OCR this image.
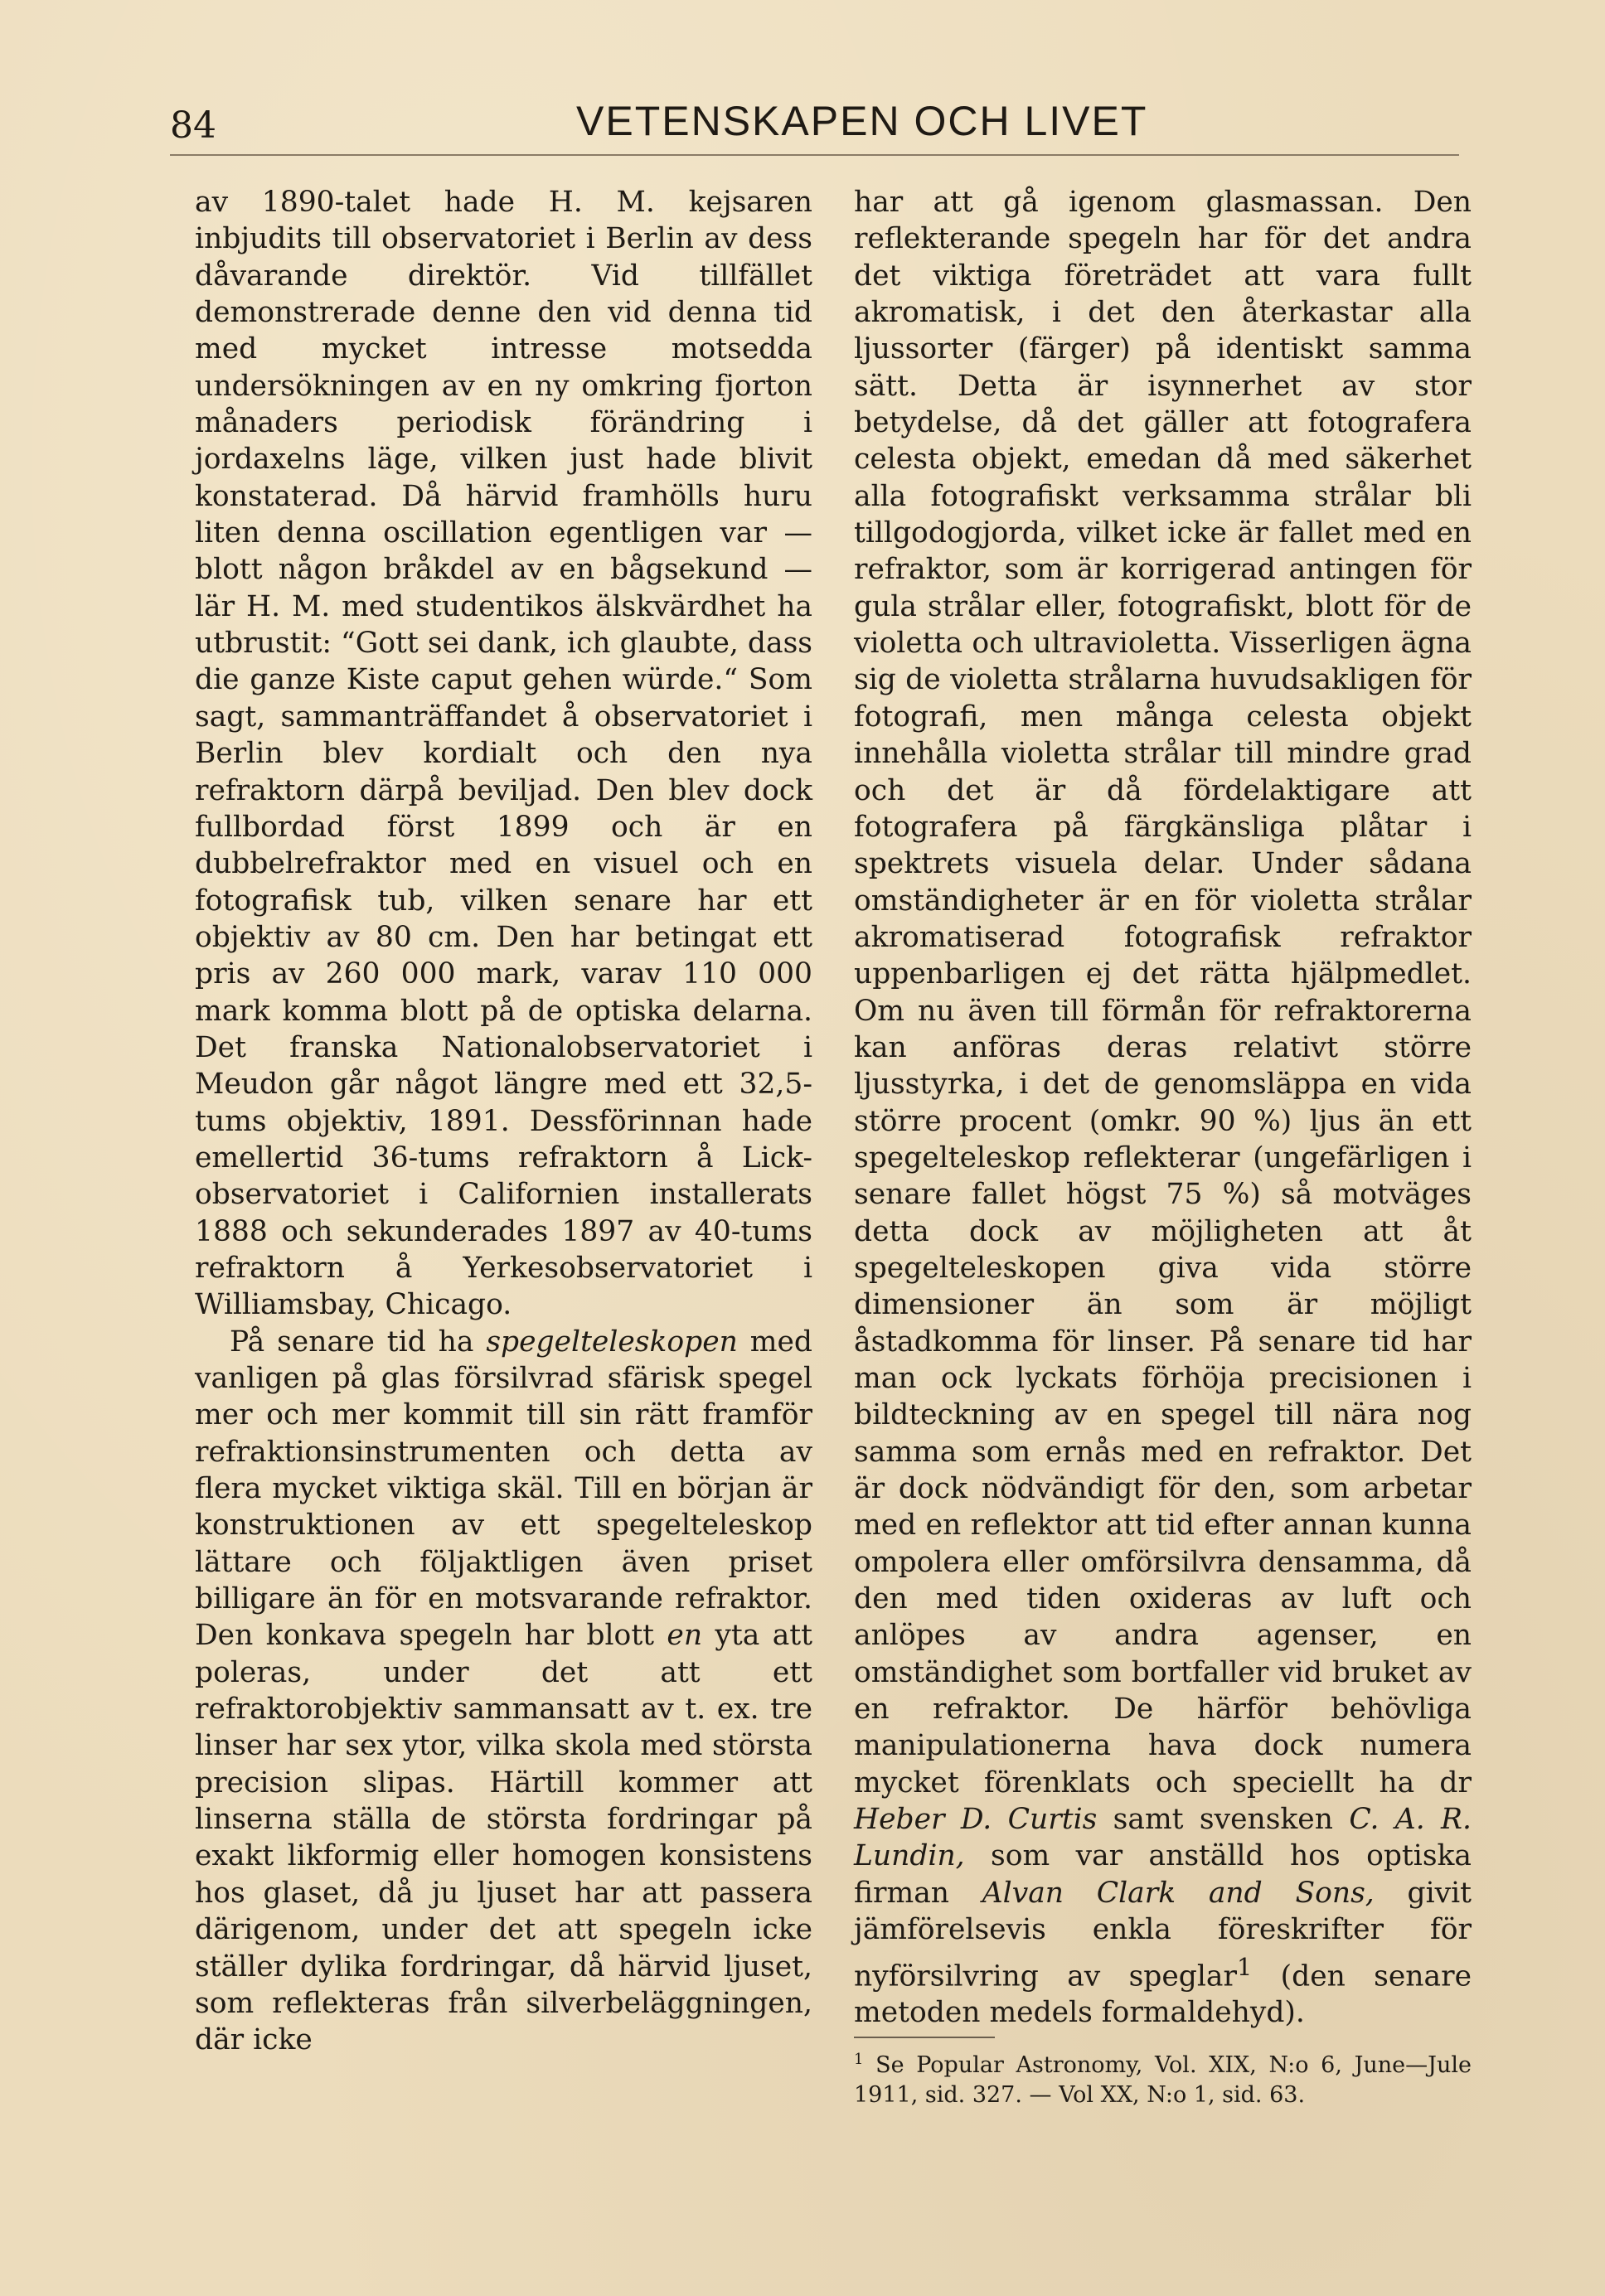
84	VETENSKAPEN OCH LIVET

av 1890-talet hade H. M. kejsaren inbjudits till observatoriet i Berlin av dess dåvarande direktör. Vid tillfället demonstrerade denne den vid denna tid med mycket intresse motsedda undersökningen av en ny omkring fjorton månaders periodisk förändring i jordaxelns läge, vilken just hade blivit konstaterad. Då härvid framhölls huru liten denna oscillation egentligen var — blott någon bråkdel av en bågsekund — lär H. M. med studentikos älskvärdhet ha utbrustit: “Gott sei dank, ich glaubte, dass die ganze Kiste caput gehen würde.“ Som sagt, sammanträffandet å observatoriet i Berlin blev kordialt och den nya refraktorn därpå beviljad. Den blev dock fullbordad först 1899 och är en dubbelrefraktor med en visuel och en fotografisk tub, vilken senare har ett objektiv av 80 cm. Den har betingat ett pris av 260 000 mark, varav 110 000 mark komma blott på de optiska delarna. Det franska Nationalobservatoriet i Meudon går något längre med ett 32,5-tums objektiv, 1891. Dessförinnan hade emellertid 36-tums refraktorn å Lick-observatoriet i Californien installerats 1888 och sekunderades 1897 av 40-tums refraktorn å Yerkesobservatoriet i Williamsbay, Chicago.

På senare tid ha spegelteleskopen med vanligen på glas försilvrad sfärisk spegel mer och mer kommit till sin rätt framför refraktionsinstrumenten och detta av flera mycket viktiga skäl. Till en början är konstruktionen av ett spegelteleskop lättare och följaktligen även priset billigare än för en motsvarande refraktor. Den konkava spegeln har blott en yta att poleras, under det att ett refraktorobjektiv sammansatt av t. ex. tre linser har sex ytor, vilka skola med största precision slipas. Härtill kommer att linserna ställa de största fordringar på exakt likformig eller homogen konsistens hos glaset, då ju ljuset har att passera därigenom, under det att spegeln icke ställer dylika fordringar, då härvid ljuset, som reflekteras från silverbeläggningen, där icke

har att gå igenom glasmassan. Den reflekterande spegeln har för det andra det viktiga företrädet att vara fullt akromatisk, i det den återkastar alla ljussorter (färger) på identiskt samma sätt. Detta är isynnerhet av stor betydelse, då det gäller att fotografera celesta objekt, emedan då med säkerhet alla fotografiskt verksamma strålar bli tillgodogjorda, vilket icke är fallet med en refraktor, som är korrigerad antingen för gula strålar eller, fotografiskt, blott för de violetta och ultravioletta. Visserligen ägna sig de violetta strålarna huvudsakligen för fotografi, men många celesta objekt innehålla violetta strålar till mindre grad och det är då fördelaktigare att fotografera på färgkänsliga plåtar i spektrets visuela delar. Under sådana omständigheter är en för violetta strålar akromatiserad fotografisk refraktor uppenbarligen ej det rätta hjälpmedlet. Om nu även till förmån för refraktorerna kan anföras deras relativt större ljusstyrka, i det de genomsläppa en vida större procent (omkr. 90 %) ljus än ett spegelteleskop reflekterar (ungefärligen i senare fallet högst 75 %) så motväges detta dock av möjligheten att åt spegelteleskopen giva vida större dimensioner än som är möjligt åstadkomma för linser. På senare tid har man ock lyckats förhöja precisionen i bildteckning av en spegel till nära nog samma som ernås med en refraktor. Det är dock nödvändigt för den, som arbetar med en reflektor att tid efter annan kunna ompolera eller omförsilvra densamma, då den med tiden oxideras av luft och anlöpes av andra agenser, en omständighet som bortfaller vid bruket av en refraktor. De härför behövliga manipulationerna hava dock numera mycket förenklats och speciellt ha dr Heber D. Curtis samt svensken C. A. R. Lundin, som var anställd hos optiska firman Alvan Clark and Sons, givit jämförelsevis enkla föreskrifter för nyförsilvring av speglar$^1$ (den senare metoden medels formaldehyd).

$^1$ Se Popular Astronomy, Vol. XIX, N:o 6, June—Jule 1911, sid. 327. — Vol XX, N:o 1, sid. 63.
